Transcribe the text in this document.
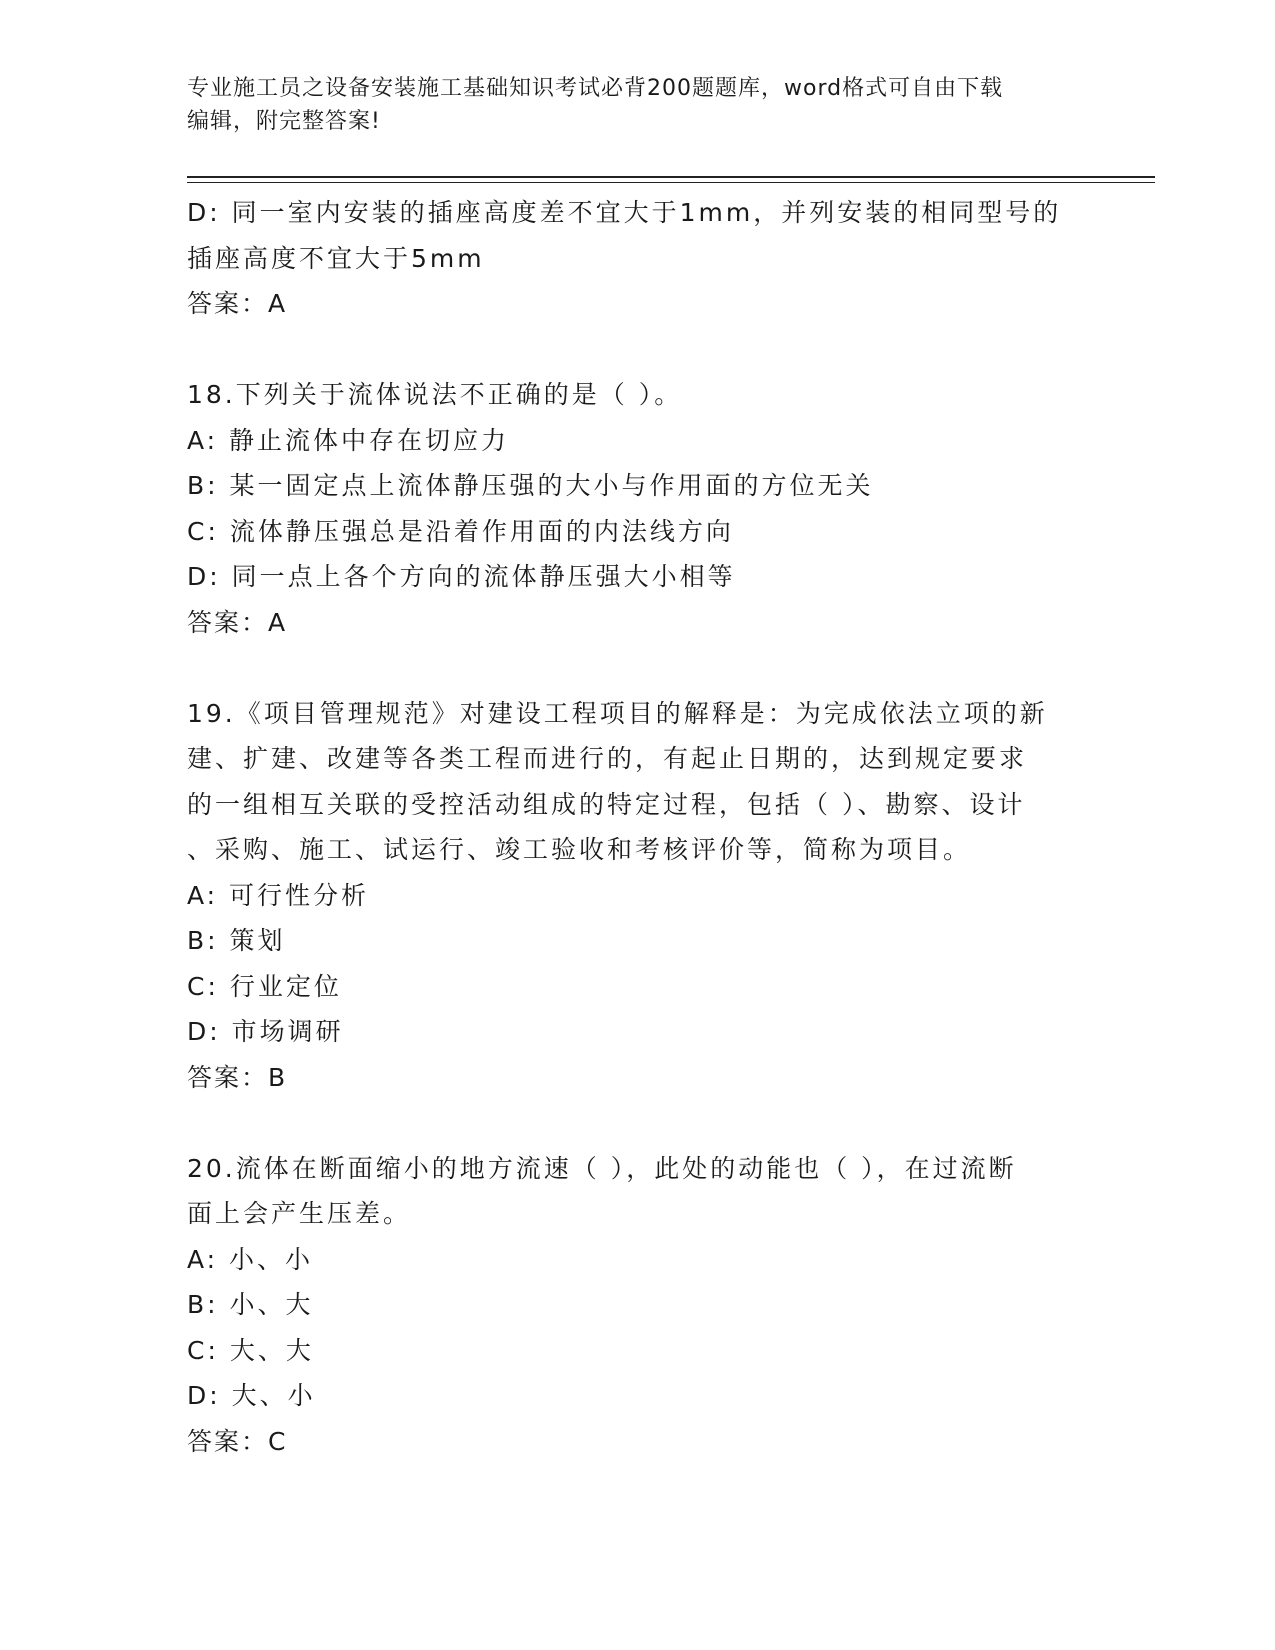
专业施工员之设备安装施工基础知识考试必背200题题库，word格式可自由下载
编辑，附完整答案!

D: 同一室内安装的插座高度差不宜大于1mm，并列安装的相同型号的

插座高度不宜大于5mm

答案：A

18.下列关于流体说法不正确的是（ ）。

A: 静止流体中存在切应力

B: 某一固定点上流体静压强的大小与作用面的方位无关

C: 流体静压强总是沿着作用面的内法线方向

D: 同一点上各个方向的流体静压强大小相等

答案：A

19.《项目管理规范》对建设工程项目的解释是：为完成依法立项的新

建、扩建、改建等各类工程而进行的，有起止日期的，达到规定要求

的一组相互关联的受控活动组成的特定过程，包括（ ）、勘察、设计

、采购、施工、试运行、竣工验收和考核评价等，简称为项目。

A: 可行性分析

B: 策划

C: 行业定位

D: 市场调研

答案：B

20.流体在断面缩小的地方流速（ ），此处的动能也（ ），在过流断

面上会产生压差。

A: 小、小

B: 小、大

C: 大、大

D: 大、小

答案：C
